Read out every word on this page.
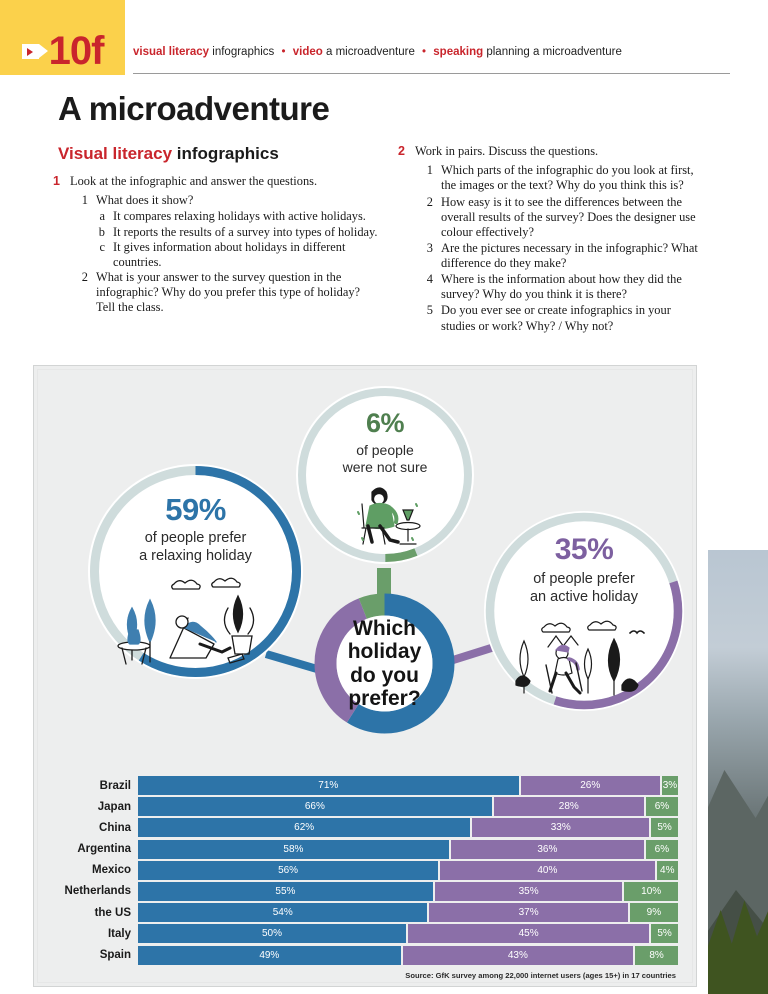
10f	visual literacy infographics • video a microadventure • speaking planning a microadventure
A microadventure
Visual literacy infographics
1 Look at the infographic and answer the questions.
1 What does it show?
a It compares relaxing holidays with active holidays.
b It reports the results of a survey into types of holiday.
c It gives information about holidays in different countries.
2 What is your answer to the survey question in the infographic? Why do you prefer this type of holiday? Tell the class.
2 Work in pairs. Discuss the questions.
1 Which parts of the infographic do you look at first, the images or the text? Why do you think this is?
2 How easy is it to see the differences between the overall results of the survey? Does the designer use colour effectively?
3 Are the pictures necessary in the infographic? What difference do they make?
4 Where is the information about how they did the survey? Why do you think it is there?
5 Do you ever see or create infographics in your studies or work? Why? / Why not?
59%
of people prefer
a relaxing holiday
6%
of people
were not sure
35%
of people prefer
an active holiday
Which
holiday
do you
prefer?
Brazil	71%	26%	3%
Japan	66%	28%	6%
China	62%	33%	5%
Argentina	58%	36%	6%
Mexico	56%	40%	4%
Netherlands	55%	35%	10%
the US	54%	37%	9%
Italy	50%	45%	5%
Spain	49%	43%	8%
Source: GfK survey among 22,000 internet users (ages 15+) in 17 countries
